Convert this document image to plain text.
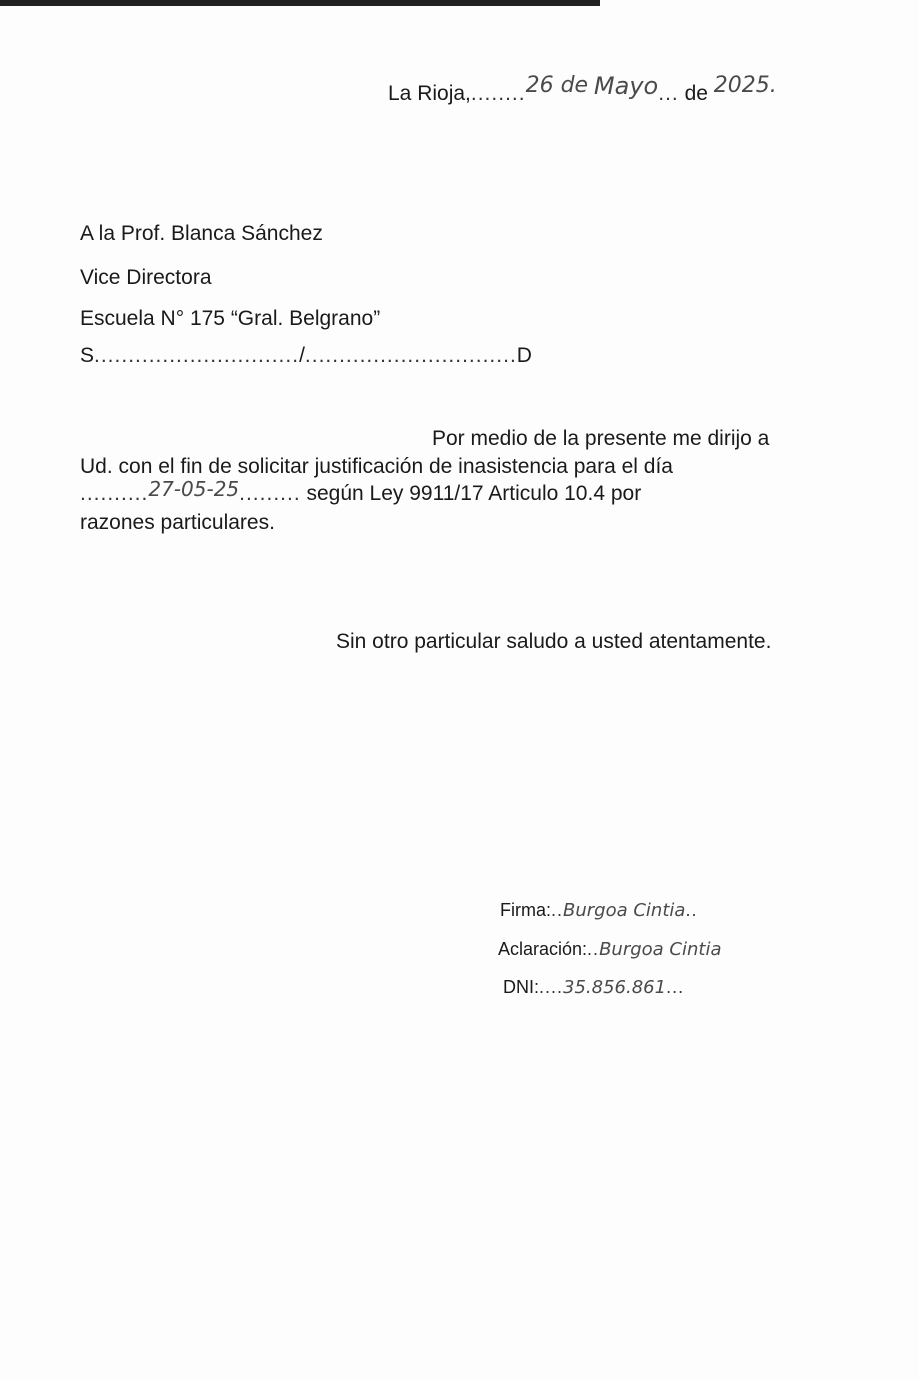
La Rioja,........26 de Mayo... de 2025.
A la Prof. Blanca Sánchez
Vice Directora
Escuela N° 175 “Gral. Belgrano”
S............................../...............................D
Por medio de la presente me dirijo a
Ud. con el fin de solicitar justificación de inasistencia para el día
..........27-05-25......... según Ley 9911/17 Articulo 10.4 por
razones particulares.
Sin otro particular saludo a usted atentamente.
Firma:..Burgoa Cintia..
Aclaración:..Burgoa Cintia
DNI:....35.856.861...
